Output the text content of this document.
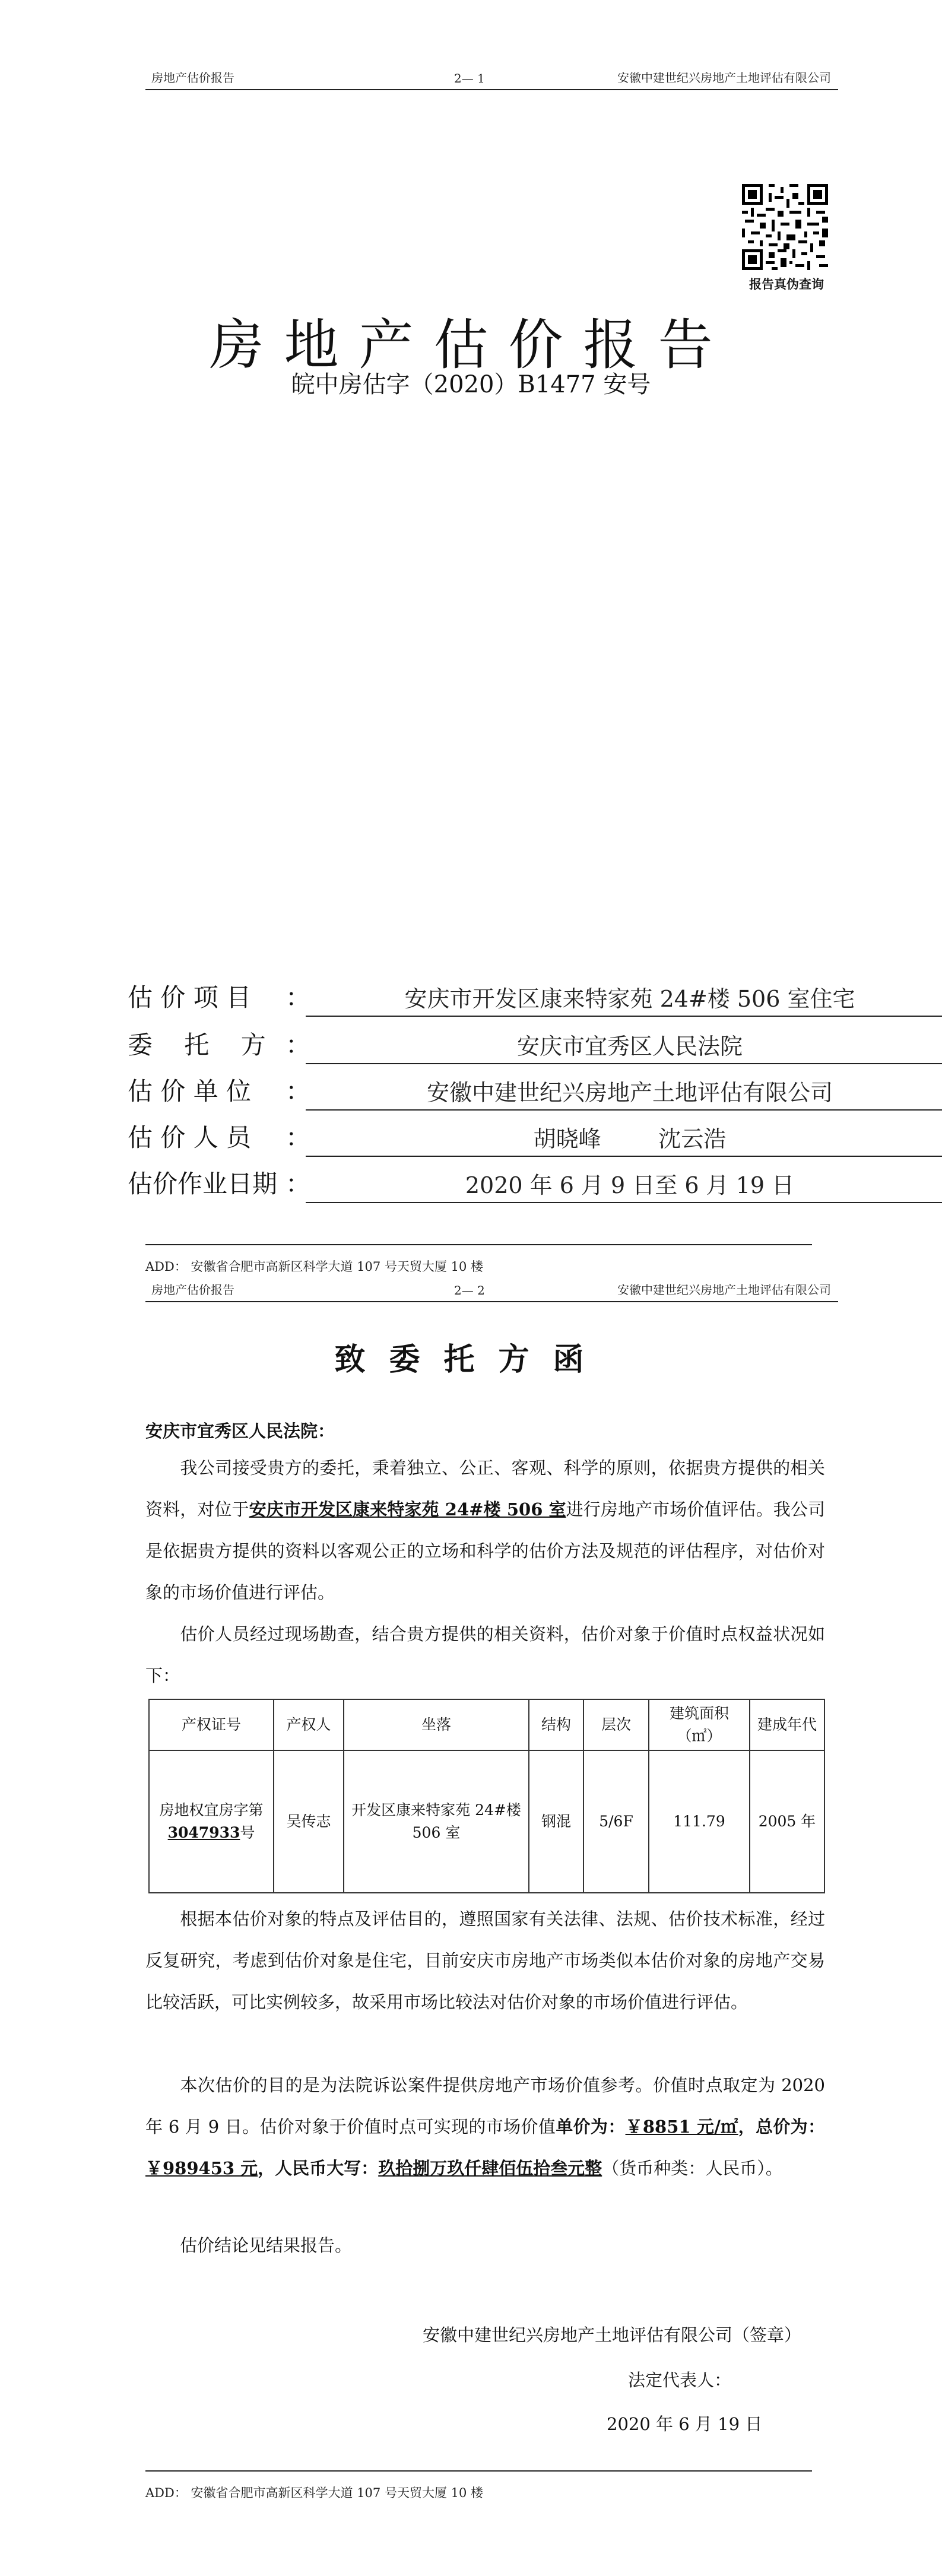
房地产估价报告	2— 1	安徽中建世纪兴房地产土地评估有限公司
报告真伪查询
房地产估价报告
皖中房估字（2020）B1477 安号
估 价 项 目 ：	安庆市开发区康来特家苑 24#楼 506 室住宅
委    托    方 ：	安庆市宜秀区人民法院
估 价 单 位 ：	安徽中建世纪兴房地产土地评估有限公司
估 价 人 员 ：	胡晓峰        沈云浩
估价作业日期 ：	2020 年 6 月 9 日至 6 月 19 日
ADD： 安徽省合肥市高新区科学大道 107 号天贸大厦 10 楼
房地产估价报告	2— 2	安徽中建世纪兴房地产土地评估有限公司
致委托方函
安庆市宜秀区人民法院：
我公司接受贵方的委托，秉着独立、公正、客观、科学的原则，依据贵方提供的相关资料，对位于安庆市开发区康来特家苑 24#楼 506 室进行房地产市场价值评估。我公司是依据贵方提供的资料以客观公正的立场和科学的估价方法及规范的评估程序，对估价对象的市场价值进行评估。
估价人员经过现场勘查，结合贵方提供的相关资料，估价对象于价值时点权益状况如下：
产权证号	产权人	坐落	结构	层次	建筑面积（㎡）	建成年代
房地权宜房字第3047933号	吴传志	开发区康来特家苑 24#楼 506 室	钢混	5/6F	111.79	2005 年
根据本估价对象的特点及评估目的，遵照国家有关法律、法规、估价技术标准，经过反复研究，考虑到估价对象是住宅，目前安庆市房地产市场类似本估价对象的房地产交易比较活跃，可比实例较多，故采用市场比较法对估价对象的市场价值进行评估。
本次估价的目的是为法院诉讼案件提供房地产市场价值参考。价值时点取定为 2020 年 6 月 9 日。估价对象于价值时点可实现的市场价值单价为：￥8851 元/㎡，总价为：￥989453 元，人民币大写：玖拾捌万玖仟肆佰伍拾叁元整（货币种类：人民币）。
估价结论见结果报告。
安徽中建世纪兴房地产土地评估有限公司（签章）
法定代表人：
2020 年 6 月 19 日
ADD： 安徽省合肥市高新区科学大道 107 号天贸大厦 10 楼
